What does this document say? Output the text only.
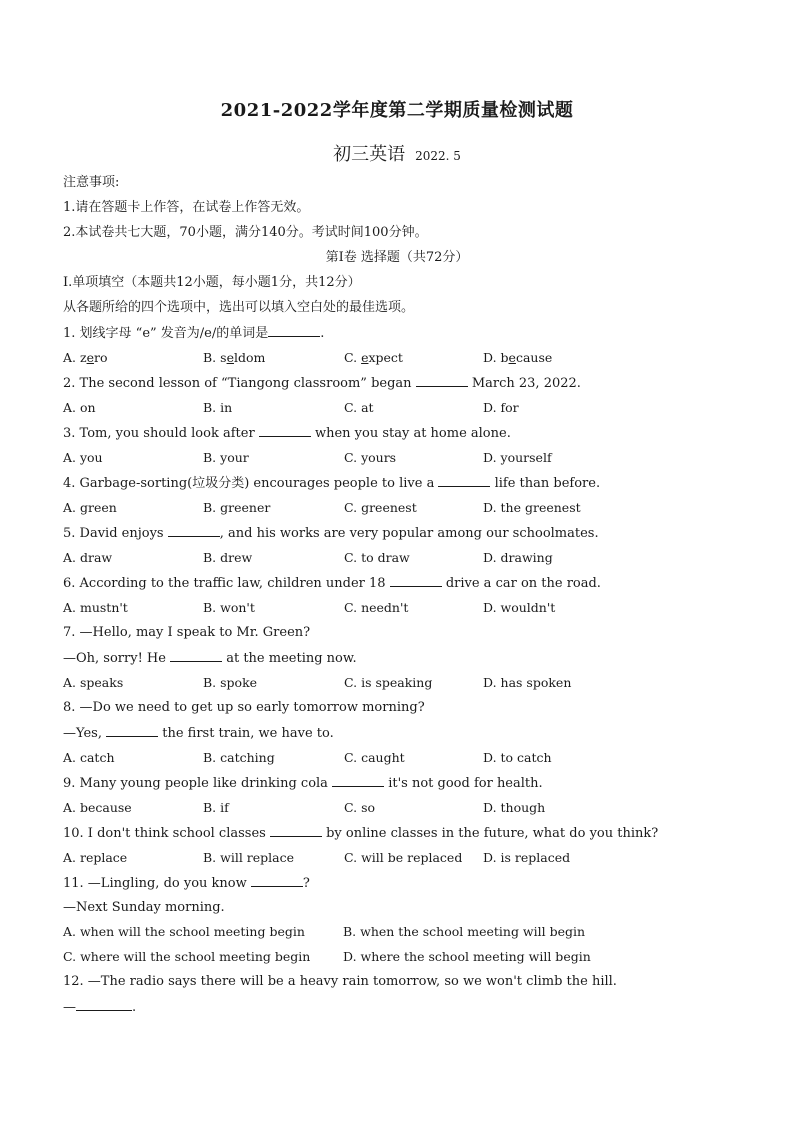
2021-2022学年度第二学期质量检测试题
初三英语 2022. 5
注意事项:
1.请在答题卡上作答，在试卷上作答无效。
2.本试卷共七大题，70小题，满分140分。考试时间100分钟。
第I卷 选择题（共72分）
Ⅰ.单项填空（本题共12小题，每小题1分，共12分）
从各题所给的四个选项中，选出可以填入空白处的最佳选项。
1. 划线字母 “e” 发音为/e/的单词是	.
A. zero	B. seldom	C. expect	D. because
2. The second lesson of “Tiangong classroom” began	March 23, 2022.
A. on	B. in	C. at	D. for
3. Tom, you should look after	when you stay at home alone.
A. you	B. your	C. yours	D. yourself
4. Garbage-sorting(垃圾分类) encourages people to live a	life than before.
A. green	B. greener	C. greenest	D. the greenest
5. David enjoys	, and his works are very popular among our schoolmates.
A. draw	B. drew	C. to draw	D. drawing
6. According to the traffic law, children under 18	drive a car on the road.
A. mustn't	B. won't	C. needn't	D. wouldn't
7. —Hello, may I speak to Mr. Green?
—Oh, sorry! He	at the meeting now.
A. speaks	B. spoke	C. is speaking	D. has spoken
8. —Do we need to get up so early tomorrow morning?
—Yes,	the first train, we have to.
A. catch	B. catching	C. caught	D. to catch
9. Many young people like drinking cola	it's not good for health.
A. because	B. if	C. so	D. though
10. I don't think school classes	by online classes in the future, what do you think?
A. replace	B. will replace	C. will be replaced D. is replaced
11. —Lingling, do you know	?
—Next Sunday morning.
A. when will the school meeting begin	B. when the school meeting will begin
C. where will the school meeting begin	D. where the school meeting will begin
12. —The radio says there will be a heavy rain tomorrow, so we won't climb the hill.
—	.
